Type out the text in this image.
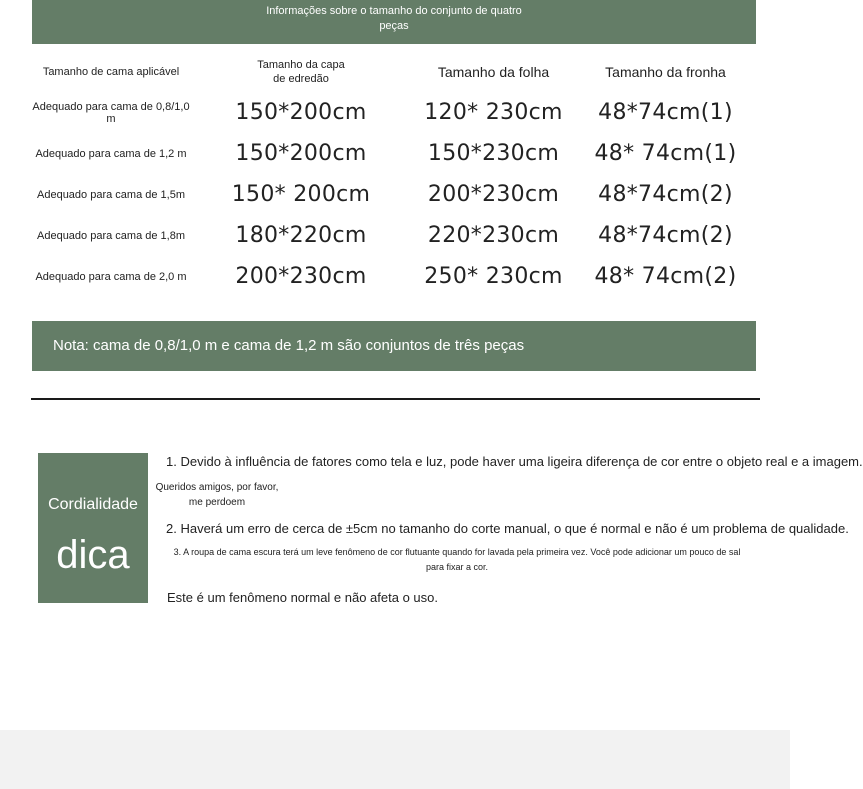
Informações sobre o tamanho do conjunto de quatro
peças
Tamanho de cama aplicável	Tamanho da capa de edredão	Tamanho da folha	Tamanho da fronha
Adequado para cama de 0,8/1,0 m	150*200cm	120* 230cm	48*74cm(1)
Adequado para cama de 1,2 m	150*200cm	150*230cm	48* 74cm(1)
Adequado para cama de 1,5m	150* 200cm	200*230cm	48*74cm(2)
Adequado para cama de 1,8m	180*220cm	220*230cm	48*74cm(2)
Adequado para cama de 2,0 m	200*230cm	250* 230cm	48* 74cm(2)
Nota: cama de 0,8/1,0 m e cama de 1,2 m são conjuntos de três peças
Cordialidade
dica
Queridos amigos, por favor, me perdoem
1. Devido à influência de fatores como tela e luz, pode haver uma ligeira diferença de cor entre o objeto real e a imagem.
2. Haverá um erro de cerca de ±5cm no tamanho do corte manual, o que é normal e não é um problema de qualidade.
3. A roupa de cama escura terá um leve fenômeno de cor flutuante quando for lavada pela primeira vez. Você pode adicionar um pouco de sal para fixar a cor.
Este é um fenômeno normal e não afeta o uso.
